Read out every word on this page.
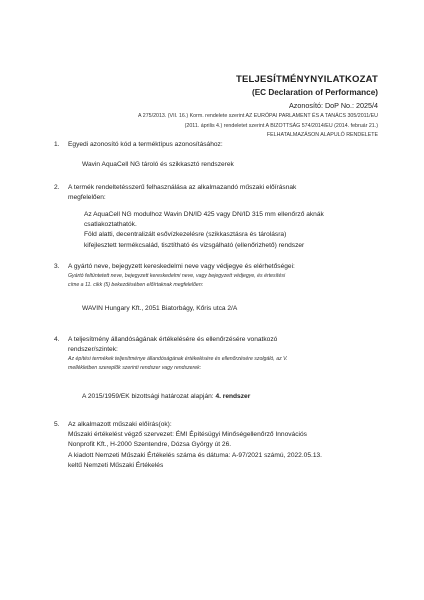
TELJESÍTMÉNYNYILATKOZAT
(EC Declaration of Performance)
Azonosító: DoP No.: 2025/4
A 275/2013. (VII. 16.) Korm. rendelete szerint AZ EURÓPAI PARLAMENT ÉS A TANÁCS 305/2011/EU
(2011. április 4.) rendeletet szerint A BIZOTTSÁG 574/2014/EU (2014. február 21.)
FELHATALMAZÁSON ALAPULÓ RENDELETE
1. Egyedi azonosító kód a terméktípus azonosításához:
Wavin AquaCell NG tároló és szikkasztó rendszerek
2. A termék rendeltetésszerű felhasználása az alkalmazandó műszaki előírásnak
megfelelően:
Az AquaCell NG modulhoz Wavin DN/ID 425 vagy DN/ID 315 mm ellenőrző aknák
csatlakoztathatók.
Föld alatti, decentralizált esővízkezelésre (szikkasztásra és tárolásra)
kifejlesztett termékcsalád, tisztítható és vizsgálható (ellenőrizhető) rendszer
3. A gyártó neve, bejegyzett kereskedelmi neve vagy védjegye és elérhetőségei:
Gyártó feltüntetett neve, bejegyzett kereskedelmi neve, vagy bejegyzett védjegye, és értesítési
címe a 11. cikk (5) bekezdésében előírtaknak megfelelően:
WAVIN Hungary Kft., 2051 Biatorbágy, Kőris utca 2/A
4. A teljesítmény állandóságának értékelésére és ellenőrzésére vonatkozó
rendszer/szintek:
Az építési termékek teljesítménye állandóságának értékelésére és ellenőrzésére szolgáló, az V.
mellékletben szereplők szerinti rendszer vagy rendszerek:
A 2015/1959/EK bizottsági határozat alapján: 4. rendszer
5. Az alkalmazott műszaki előírás(ok):
Műszaki értékelést végző szervezet: ÉMI Építésügyi Minőségellenőrző Innovációs
Nonprofit Kft., H-2000 Szentendre, Dózsa György út 26.
A kiadott Nemzeti Műszaki Értékelés száma és dátuma: A-97/2021 számú, 2022.05.13.
keltű Nemzeti Műszaki Értékelés
